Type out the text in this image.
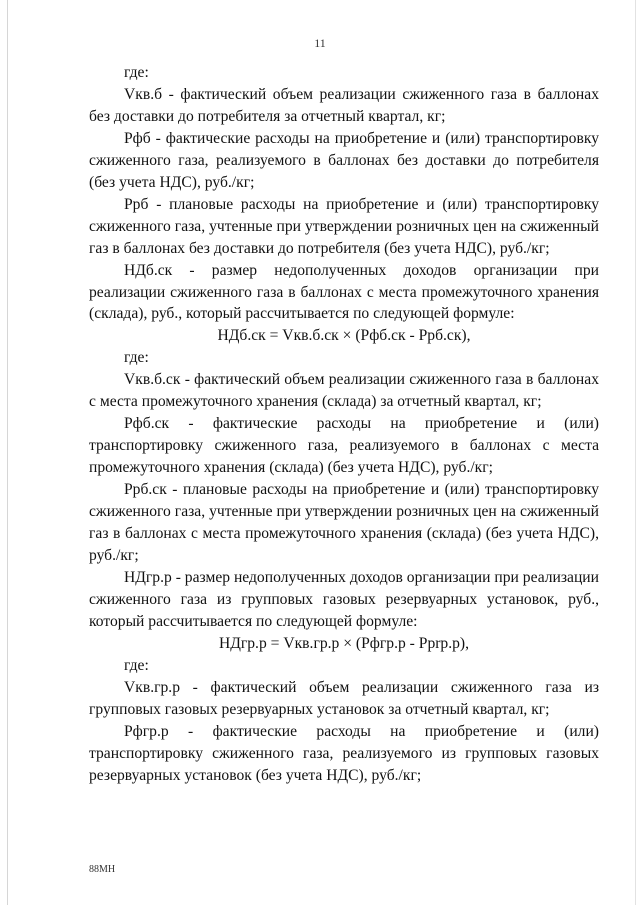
11

где:

Vкв.б - фактический объем реализации сжиженного газа в баллонах без доставки до потребителя за отчетный квартал, кг;

Рфб - фактические расходы на приобретение и (или) транспортировку сжиженного газа, реализуемого в баллонах без доставки до потребителя (без учета НДС), руб./кг;

Ррб - плановые расходы на приобретение и (или) транспортировку сжиженного газа, учтенные при утверждении розничных цен на сжиженный газ в баллонах без доставки до потребителя (без учета НДС), руб./кг;

НДб.ск - размер недополученных доходов организации при реализации сжиженного газа в баллонах с места промежуточного хранения (склада), руб., который рассчитывается по следующей формуле:

НДб.ск = Vкв.б.ск × (Рфб.ск - Ррб.ск),

где:

Vкв.б.ск - фактический объем реализации сжиженного газа в баллонах с места промежуточного хранения (склада) за отчетный квартал, кг;

Рфб.ск - фактические расходы на приобретение и (или) транспортировку сжиженного газа, реализуемого в баллонах с места промежуточного хранения (склада) (без учета НДС), руб./кг;

Ррб.ск - плановые расходы на приобретение и (или) транспортировку сжиженного газа, учтенные при утверждении розничных цен на сжиженный газ в баллонах с места промежуточного хранения (склада) (без учета НДС), руб./кг;

НДгр.р - размер недополученных доходов организации при реализации сжиженного газа из групповых газовых резервуарных установок, руб., который рассчитывается по следующей формуле:

НДгр.р = Vкв.гр.р × (Рфгр.р - Ррrр.р),

где:

Vкв.гр.р - фактический объем реализации сжиженного газа из групповых газовых резервуарных установок за отчетный квартал, кг;

Рфгр.р - фактические расходы на приобретение и (или) транспортировку сжиженного газа, реализуемого из групповых газовых резервуарных установок (без учета НДС), руб./кг;

88МН
